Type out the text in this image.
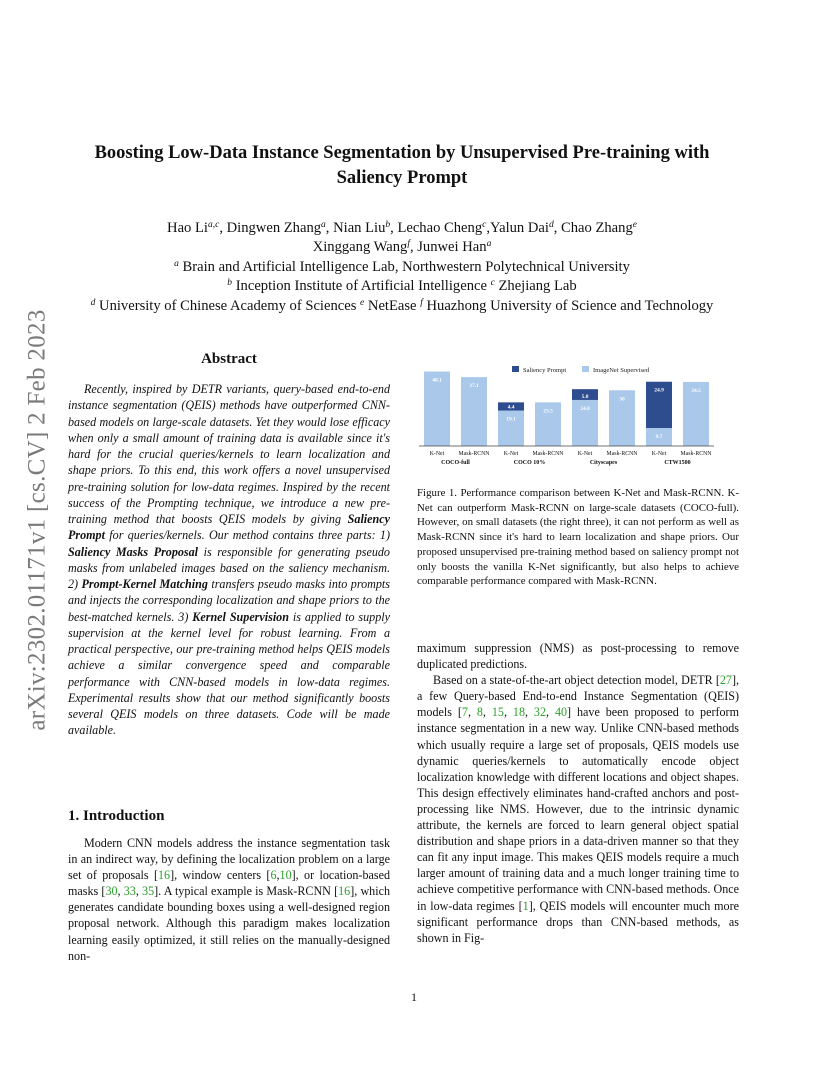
arXiv:2302.01171v1 [cs.CV] 2 Feb 2023
Boosting Low-Data Instance Segmentation by Unsupervised Pre-training with Saliency Prompt
Hao Li$^{a,c}$, Dingwen Zhang$^a$, Nian Liu$^b$, Lechao Cheng$^c$,Yalun Dai$^d$, Chao Zhang$^e$
Xinggang Wang$^f$, Junwei Han$^a$
$^a$ Brain and Artificial Intelligence Lab, Northwestern Polytechnical University
$^b$ Inception Institute of Artificial Intelligence $^c$ Zhejiang Lab
$^d$ University of Chinese Academy of Sciences $^e$ NetEase $^f$ Huazhong University of Science and Technology
Abstract

Recently, inspired by DETR variants, query-based end-to-end instance segmentation (QEIS) methods have outperformed CNN-based models on large-scale datasets. Yet they would lose efficacy when only a small amount of training data is available since it's hard for the crucial queries/kernels to learn localization and shape priors. To this end, this work offers a novel unsupervised pre-training solution for low-data regimes. Inspired by the recent success of the Prompting technique, we introduce a new pre-training method that boosts QEIS models by giving Saliency Prompt for queries/kernels. Our method contains three parts: 1) Saliency Masks Proposal is responsible for generating pseudo masks from unlabeled images based on the saliency mechanism. 2) Prompt-Kernel Matching transfers pseudo masks into prompts and injects the corresponding localization and shape priors to the best-matched kernels. 3) Kernel Supervision is applied to supply supervision at the kernel level for robust learning. From a practical perspective, our pre-training method helps QEIS models achieve a similar convergence speed and comparable performance with CNN-based models in low-data regimes. Experimental results show that our method significantly boosts several QEIS models on three datasets. Code will be made available.

1. Introduction

Modern CNN models address the instance segmentation task in an indirect way, by defining the localization problem on a large set of proposals [16], window centers [6,10], or location-based masks [30, 33, 35]. A typical example is Mask-RCNN [16], which generates candidate bounding boxes using a well-designed region proposal network. Although this paradigm makes localization learning easily optimized, it still relies on the manually-designed non-

Saliency Prompt	ImageNet Supervised
40.1
K-Net
37.1
Mask-RCNN
COCO-full
19.1
4.4
K-Net
23.5
Mask-RCNN
COCO 10%
24.8
5.8
K-Net
30
Mask-RCNN
Cityscapes
9.7
24.9
K-Net
34.5
Mask-RCNN
CTW1500

Figure 1. Performance comparison between K-Net and Mask-RCNN. K-Net can outperform Mask-RCNN on large-scale datasets (COCO-full). However, on small datasets (the right three), it can not perform as well as Mask-RCNN since it's hard to learn localization and shape priors. Our proposed unsupervised pre-training method based on saliency prompt not only boosts the vanilla K-Net significantly, but also helps to achieve comparable performance compared with Mask-RCNN.

maximum suppression (NMS) as post-processing to remove duplicated predictions.

Based on a state-of-the-art object detection model, DETR [27], a few Query-based End-to-end Instance Segmentation (QEIS) models [7, 8, 15, 18, 32, 40] have been proposed to perform instance segmentation in a new way. Unlike CNN-based methods which usually require a large set of proposals, QEIS models use dynamic queries/kernels to automatically encode object localization knowledge with different locations and object shapes. This design effectively eliminates hand-crafted anchors and post-processing like NMS. However, due to the intrinsic dynamic attribute, the kernels are forced to learn general object spatial distribution and shape priors in a data-driven manner so that they can fit any input image. This makes QEIS models require a much larger amount of training data and a much longer training time to achieve competitive performance with CNN-based methods. Once in low-data regimes [1], QEIS models will encounter much more significant performance drops than CNN-based methods, as shown in Fig-

1
